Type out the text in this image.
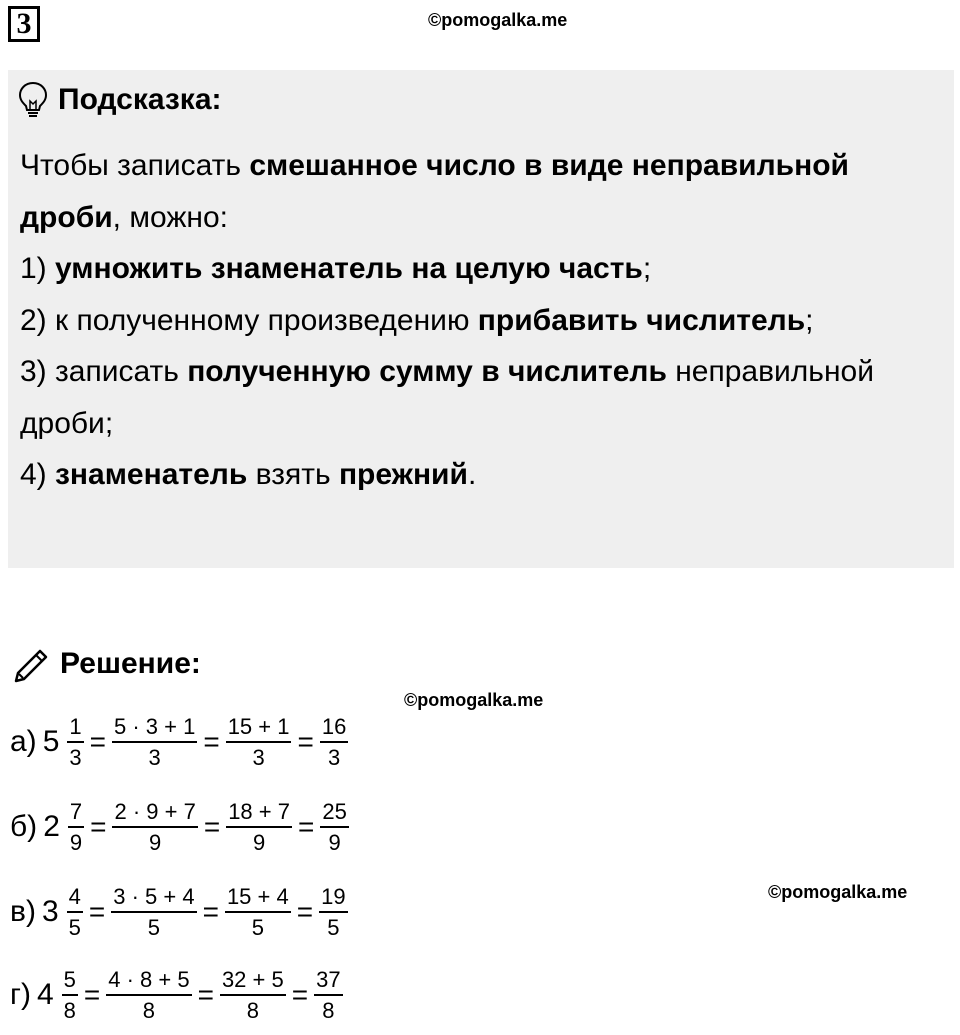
3	©pomogalka.me
Подсказка:

Чтобы записать смешанное число в виде неправильной

дроби, можно:

1) умножить знаменатель на целую часть;

2) к полученному произведению прибавить числитель;

3) записать полученную сумму в числитель неправильной

дроби;

4) знаменатель взять прежний.

Решение:
©pomogalka.me
©pomogalka.me
а) $5 \frac{1}{3} = \frac{5 \cdot 3 + 1}{3} = \frac{15 + 1}{3} = \frac{16}{3}$
б) $2 \frac{7}{9} = \frac{2 \cdot 9 + 7}{9} = \frac{18 + 7}{9} = \frac{25}{9}$
в) $3 \frac{4}{5} = \frac{3 \cdot 5 + 4}{5} = \frac{15 + 4}{5} = \frac{19}{5}$
г) $4 \frac{5}{8} = \frac{4 \cdot 8 + 5}{8} = \frac{32 + 5}{8} = \frac{37}{8}$
